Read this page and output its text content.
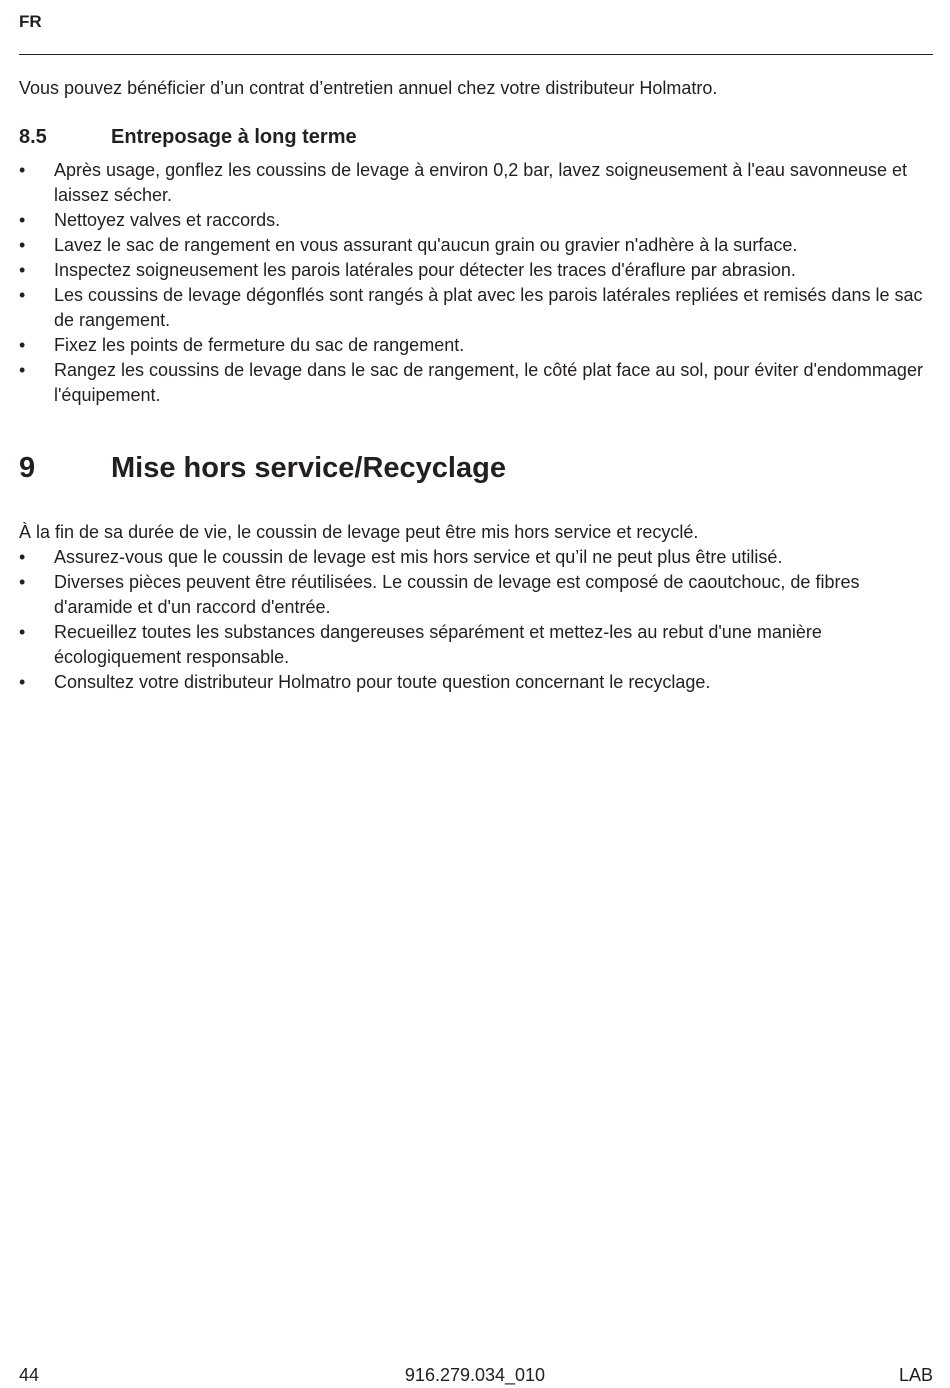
FR
Vous pouvez bénéficier d’un contrat d’entretien annuel chez votre distributeur Holmatro.
8.5	Entreposage à long terme
• Après usage, gonflez les coussins de levage à environ 0,2 bar, lavez soigneusement à l'eau savonneuse et laissez sécher.
• Nettoyez valves et raccords.
• Lavez le sac de rangement en vous assurant qu'aucun grain ou gravier n'adhère à la surface.
• Inspectez soigneusement les parois latérales pour détecter les traces d'éraflure par abrasion.
• Les coussins de levage dégonflés sont rangés à plat avec les parois latérales repliées et remisés dans le sac de rangement.
• Fixez les points de fermeture du sac de rangement.
• Rangez les coussins de levage dans le sac de rangement, le côté plat face au sol, pour éviter d'endommager l'équipement.
9	Mise hors service/Recyclage
À la fin de sa durée de vie, le coussin de levage peut être mis hors service et recyclé.
• Assurez-vous que le coussin de levage est mis hors service et qu’il ne peut plus être utilisé.
• Diverses pièces peuvent être réutilisées. Le coussin de levage est composé de caoutchouc, de fibres d'aramide et d'un raccord d'entrée.
• Recueillez toutes les substances dangereuses séparément et mettez-les au rebut d'une manière écologiquement responsable.
• Consultez votre distributeur Holmatro pour toute question concernant le recyclage.
44	916.279.034_010	LAB
